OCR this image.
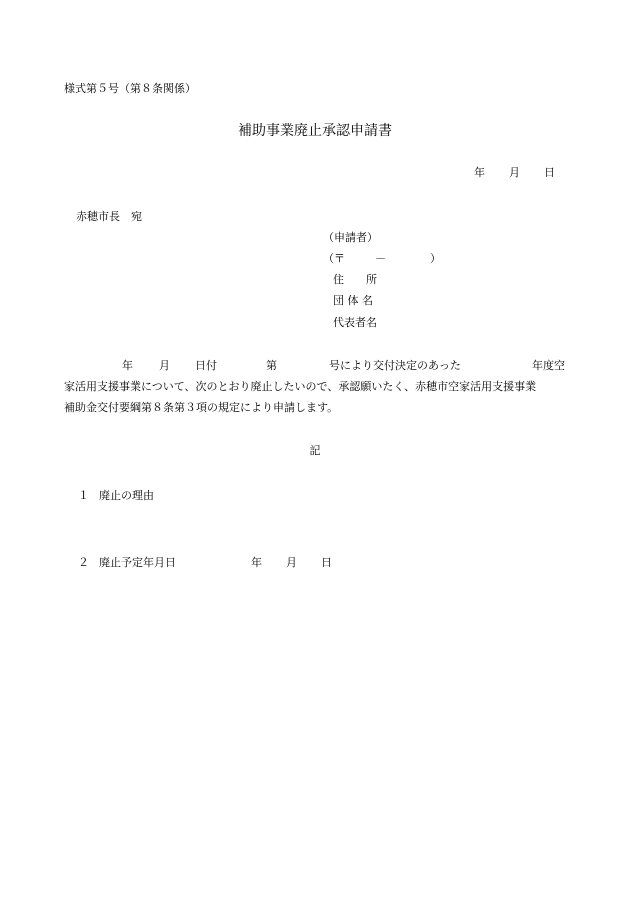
様式第５号（第８条関係）
補助事業廃止承認申請書
年 月 日
赤穂市長　宛
（申請者）
（〒	－	）
住　　所
団 体 名
代表者名
年 月 日付	第	号により交付決定のあった	年度空
家活用支援事業について、次のとおり廃止したいので、承認願いたく、赤穂市空家活用支援事業
補助金交付要綱第８条第３項の規定により申請します。
記
１ 廃止の理由
２ 廃止予定年月日	年 月 日
